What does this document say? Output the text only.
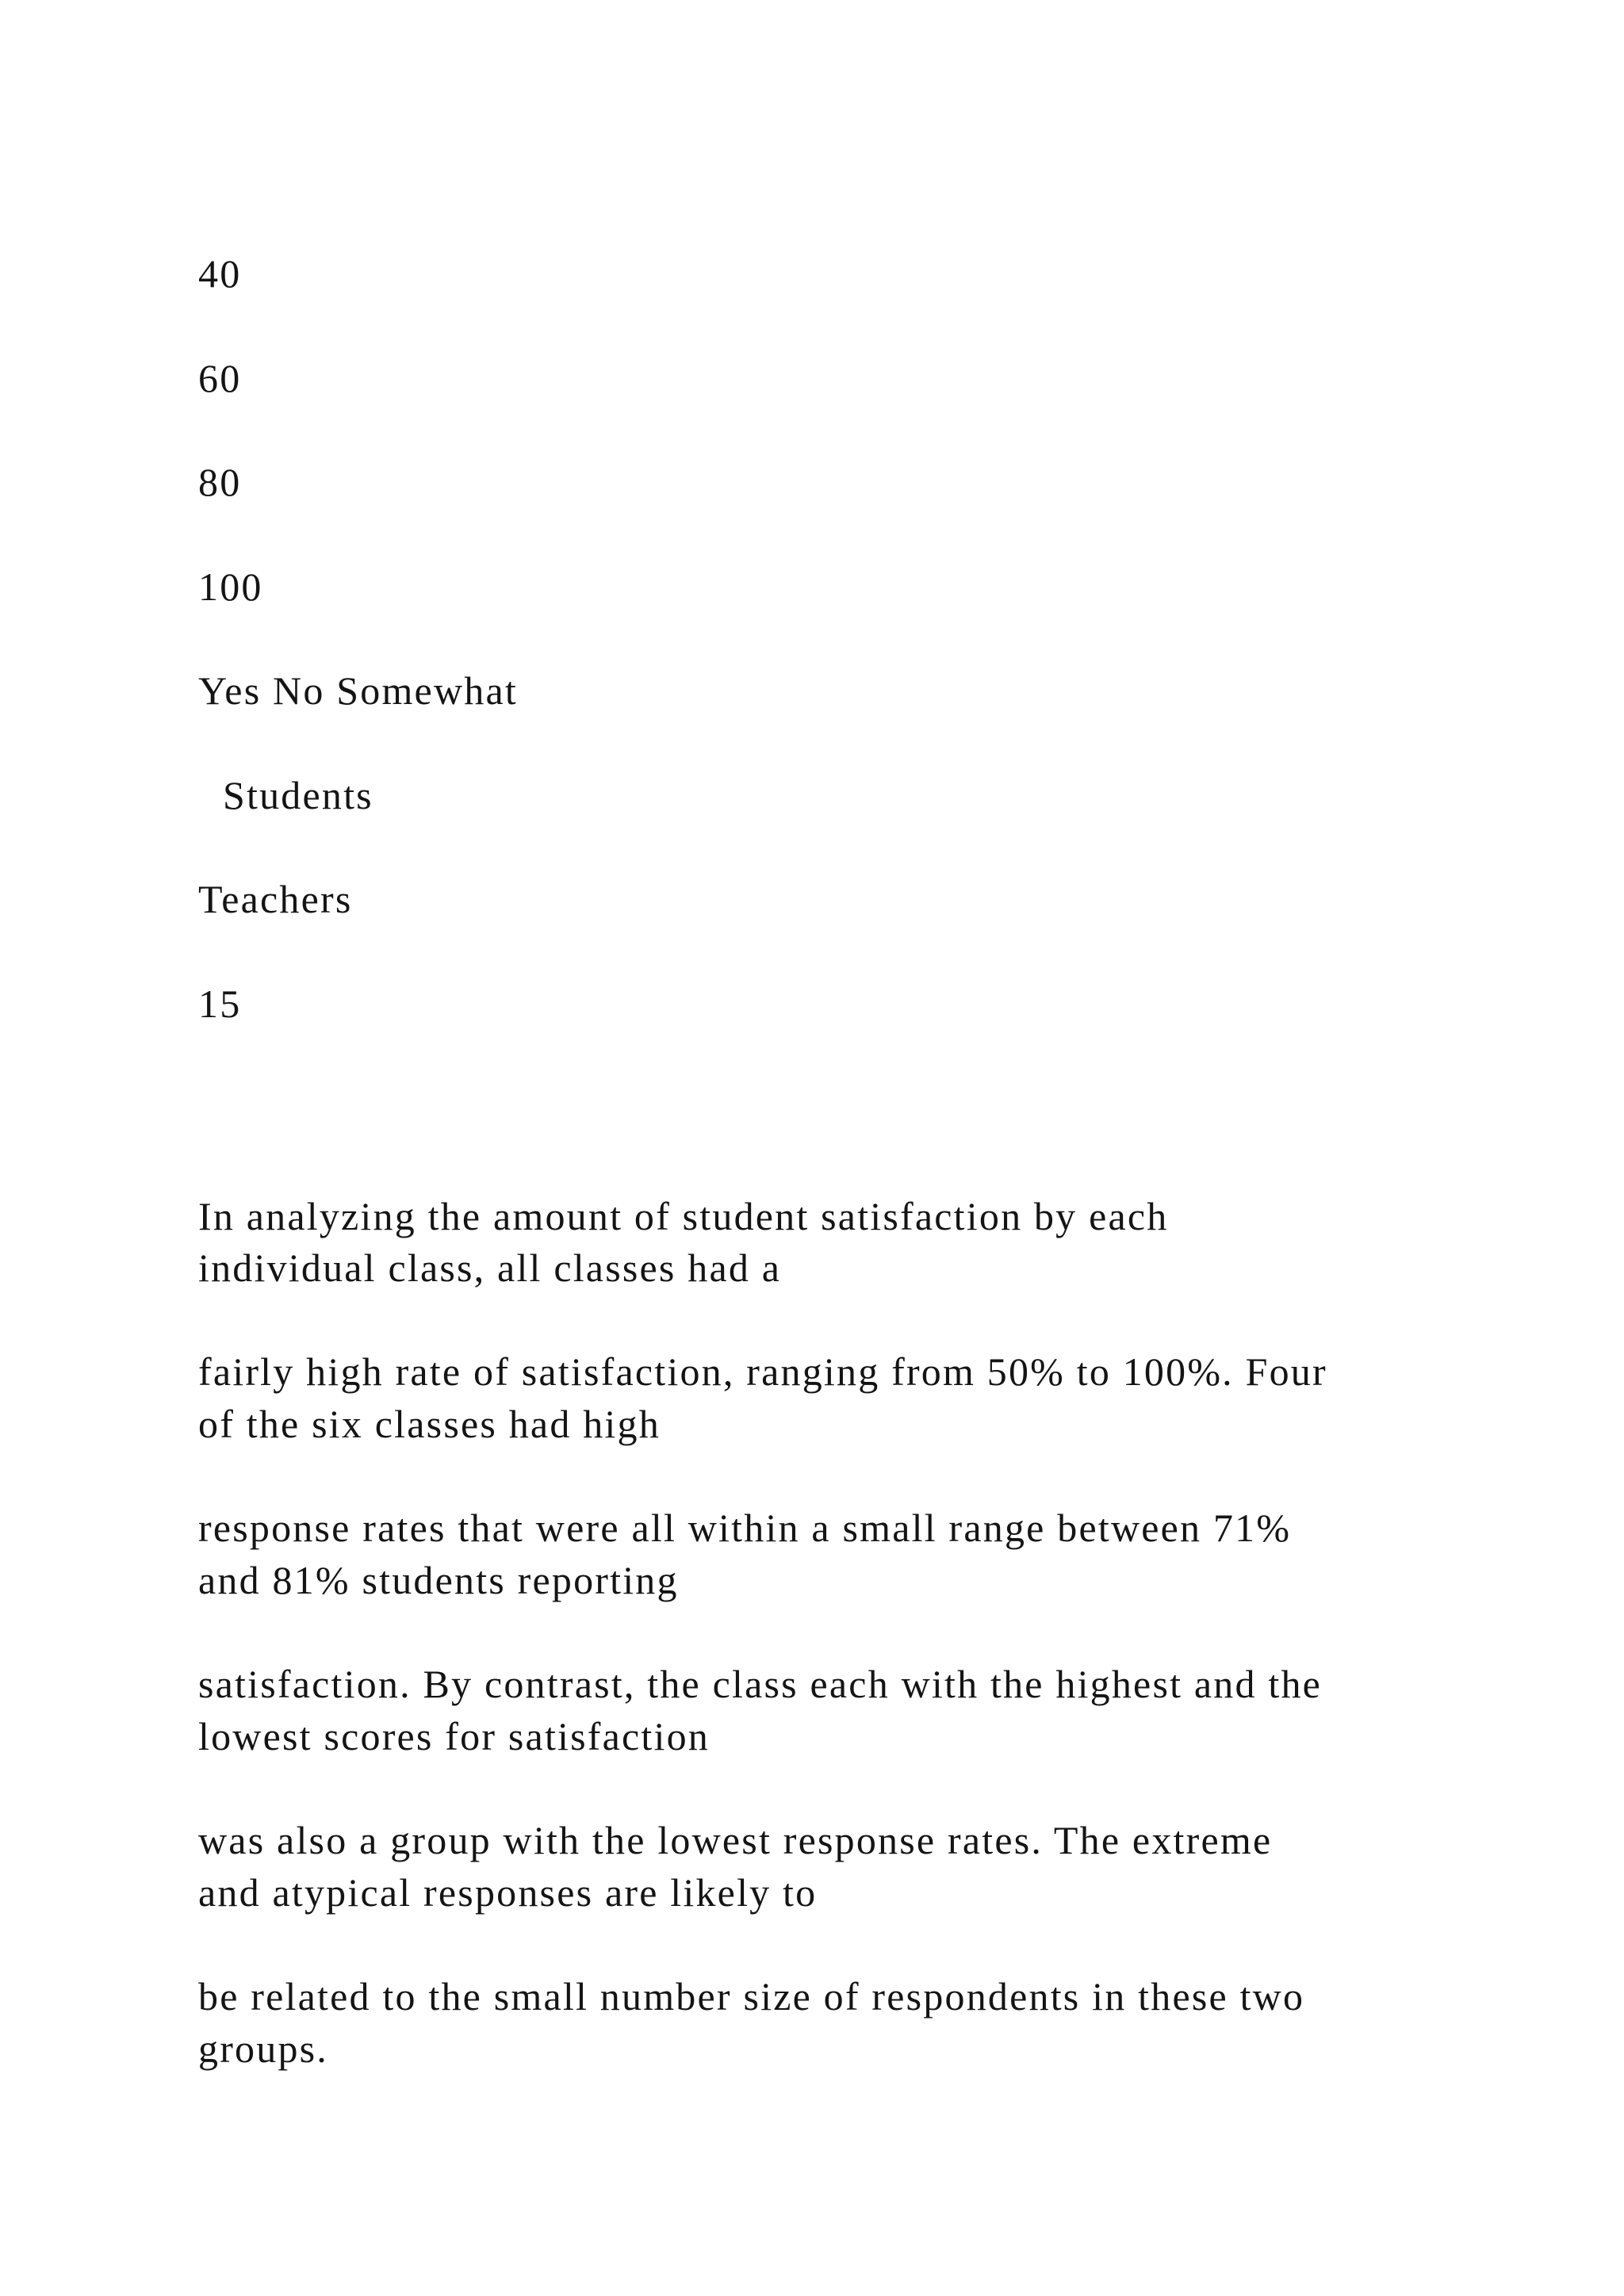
40
60
80
100
Yes No Somewhat
Students
Teachers
15
In analyzing the amount of student satisfaction by each
individual class, all classes had a
fairly high rate of satisfaction, ranging from 50% to 100%. Four
of the six classes had high
response rates that were all within a small range between 71%
and 81% students reporting
satisfaction. By contrast, the class each with the highest and the
lowest scores for satisfaction
was also a group with the lowest response rates. The extreme
and atypical responses are likely to
be related to the small number size of respondents in these two
groups.
